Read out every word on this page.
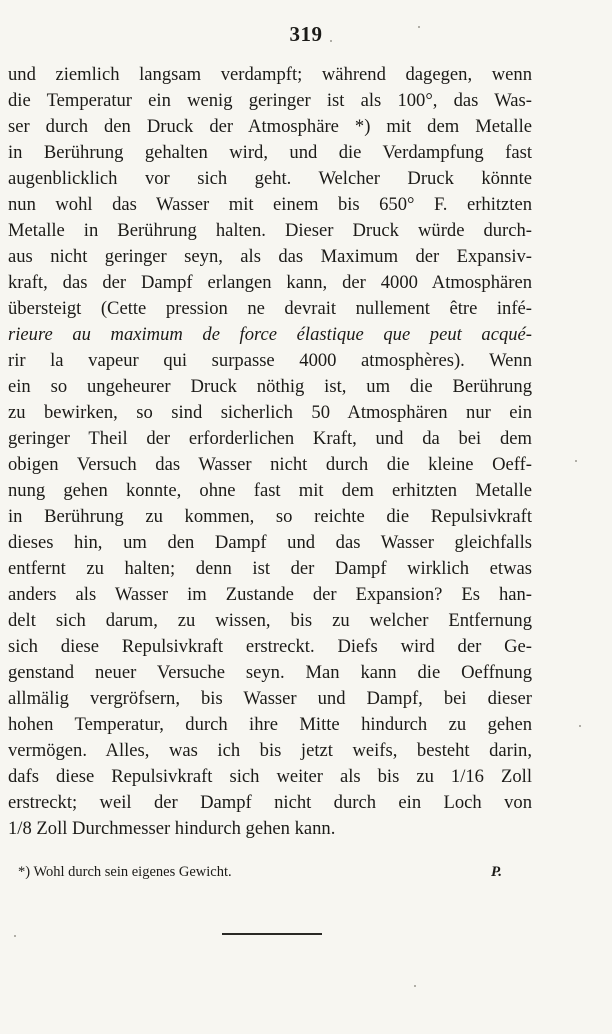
319
und ziemlich langsam verdampft; während dagegen, wenn
die Temperatur ein wenig geringer ist als 100°, das Was-
ser durch den Druck der Atmosphäre *) mit dem Metalle
in Berührung gehalten wird, und die Verdampfung fast
augenblicklich vor sich geht. Welcher Druck könnte
nun wohl das Wasser mit einem bis 650° F. erhitzten
Metalle in Berührung halten. Dieser Druck würde durch-
aus nicht geringer seyn, als das Maximum der Expansiv-
kraft, das der Dampf erlangen kann, der 4000 Atmosphären
übersteigt (Cette pression ne devrait nullement être infé-
rieure au maximum de force élastique que peut acqué-
rir la vapeur qui surpasse 4000 atmosphères). Wenn
ein so ungeheurer Druck nöthig ist, um die Berührung
zu bewirken, so sind sicherlich 50 Atmosphären nur ein
geringer Theil der erforderlichen Kraft, und da bei dem
obigen Versuch das Wasser nicht durch die kleine Oeff-
nung gehen konnte, ohne fast mit dem erhitzten Metalle
in Berührung zu kommen, so reichte die Repulsivkraft
dieses hin, um den Dampf und das Wasser gleichfalls
entfernt zu halten; denn ist der Dampf wirklich etwas
anders als Wasser im Zustande der Expansion? Es han-
delt sich darum, zu wissen, bis zu welcher Entfernung
sich diese Repulsivkraft erstreckt. Diefs wird der Ge-
genstand neuer Versuche seyn. Man kann die Oeffnung
allmälig vergröfsern, bis Wasser und Dampf, bei dieser
hohen Temperatur, durch ihre Mitte hindurch zu gehen
vermögen. Alles, was ich bis jetzt weifs, besteht darin,
dafs diese Repulsivkraft sich weiter als bis zu 1/16 Zoll
erstreckt; weil der Dampf nicht durch ein Loch von
1/8 Zoll Durchmesser hindurch gehen kann.
*) Wohl durch sein eigenes Gewicht.	P.
